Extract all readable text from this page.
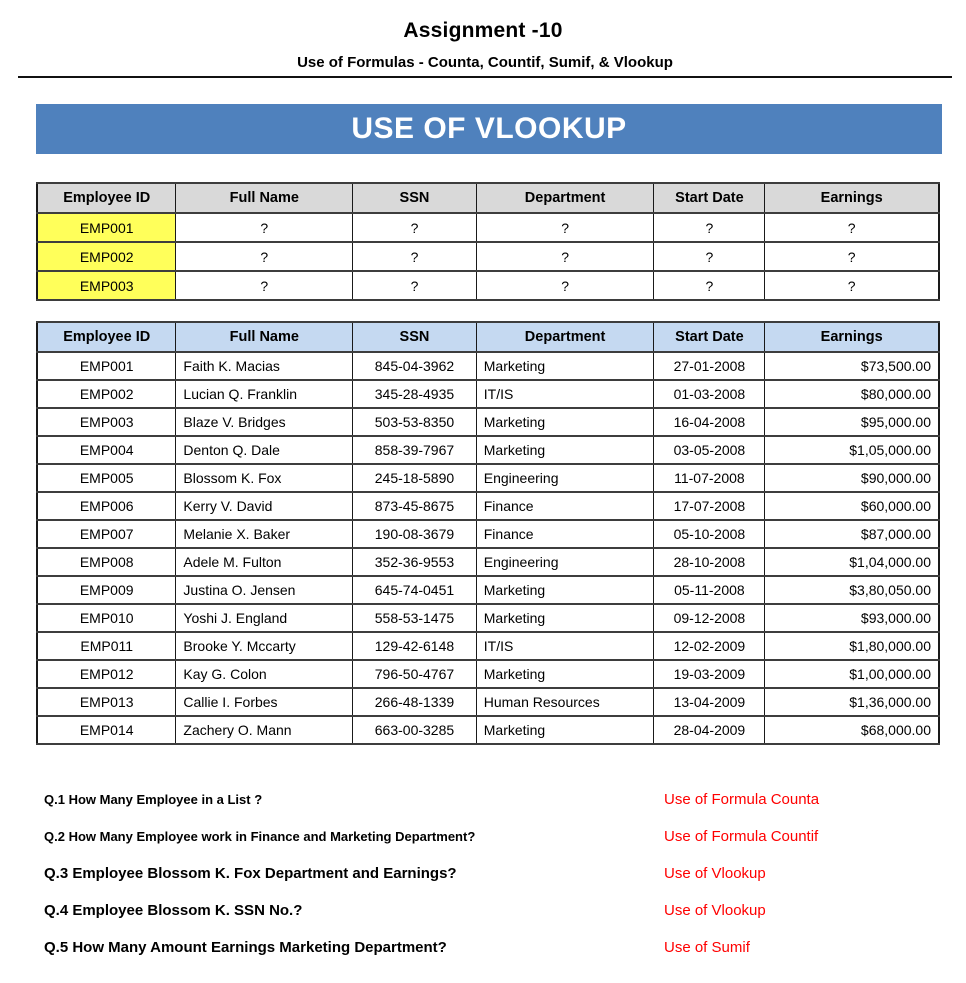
Assignment -10
Use of Formulas - Counta, Countif, Sumif, & Vlookup
USE OF VLOOKUP
Employee ID	Full Name	SSN	Department	Start Date	Earnings
EMP001	?	?	?	?	?
EMP002	?	?	?	?	?
EMP003	?	?	?	?	?
Employee ID	Full Name	SSN	Department	Start Date	Earnings
EMP001	Faith K. Macias	845-04-3962	Marketing	27-01-2008	$73,500.00
EMP002	Lucian Q. Franklin	345-28-4935	IT/IS	01-03-2008	$80,000.00
EMP003	Blaze V. Bridges	503-53-8350	Marketing	16-04-2008	$95,000.00
EMP004	Denton Q. Dale	858-39-7967	Marketing	03-05-2008	$1,05,000.00
EMP005	Blossom K. Fox	245-18-5890	Engineering	11-07-2008	$90,000.00
EMP006	Kerry V. David	873-45-8675	Finance	17-07-2008	$60,000.00
EMP007	Melanie X. Baker	190-08-3679	Finance	05-10-2008	$87,000.00
EMP008	Adele M. Fulton	352-36-9553	Engineering	28-10-2008	$1,04,000.00
EMP009	Justina O. Jensen	645-74-0451	Marketing	05-11-2008	$3,80,050.00
EMP010	Yoshi J. England	558-53-1475	Marketing	09-12-2008	$93,000.00
EMP011	Brooke Y. Mccarty	129-42-6148	IT/IS	12-02-2009	$1,80,000.00
EMP012	Kay G. Colon	796-50-4767	Marketing	19-03-2009	$1,00,000.00
EMP013	Callie I. Forbes	266-48-1339	Human Resources	13-04-2009	$1,36,000.00
EMP014	Zachery O. Mann	663-00-3285	Marketing	28-04-2009	$68,000.00
Q.1 How Many Employee in a List ?	Use of Formula Counta
Q.2 How Many Employee work in Finance and Marketing Department?	Use of Formula Countif
Q.3 Employee Blossom K. Fox Department and Earnings?	Use of Vlookup
Q.4 Employee Blossom K. SSN No.?	Use of Vlookup
Q.5 How Many Amount Earnings Marketing Department?	Use of Sumif
